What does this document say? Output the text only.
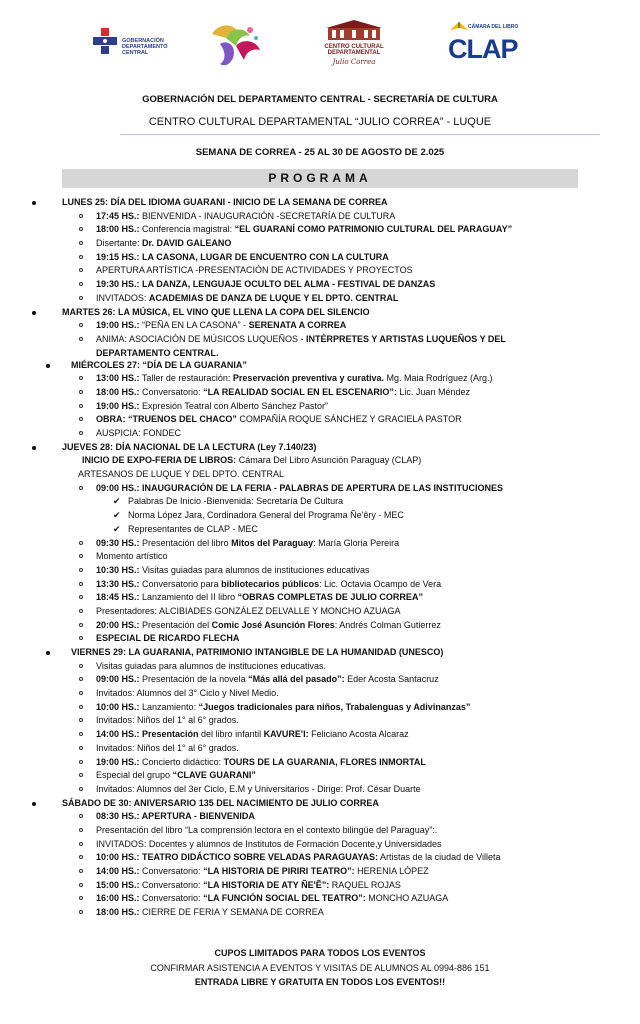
GOBERNACIÓN
DEPARTAMENTO
CENTRAL
CENTRO CULTURAL
DEPARTAMENTAL
Julio Correa
CÁMARA DEL LIBRO
CLAP
GOBERNACIÓN DEL DEPARTAMENTO CENTRAL - SECRETARÍA DE CULTURA
CENTRO CULTURAL DEPARTAMENTAL “JULIO CORREA” - LUQUE
SEMANA DE CORREA - 25 AL 30 DE AGOSTO DE 2.025
PROGRAMA
LUNES 25: DÍA DEL IDIOMA GUARANI - INICIO DE LA SEMANA DE CORREA
17:45 HS.: BIENVENIDA - INAUGURACIÓN -SECRETARÍA DE CULTURA
18:00 HS.: Conferencia magistral: “EL GUARANÍ COMO PATRIMONIO CULTURAL DEL PARAGUAY”
Disertante: Dr. DAVID GALEANO
19:15 HS.: LA CASONA, LUGAR DE ENCUENTRO CON LA CULTURA
APERTURA ARTÍSTICA -PRESENTACIÓN DE ACTIVIDADES Y PROYECTOS
19:30 HS.: LA DANZA, LENGUAJE OCULTO DEL ALMA - FESTIVAL DE DANZAS
INVITADOS: ACADEMIAS DE DANZA DE LUQUE Y EL DPTO. CENTRAL
MARTES 26: LA MÚSICA, EL VINO QUE LLENA LA COPA DEL SILENCIO
19:00 HS.: “PEÑA EN LA CASONA” - SERENATA A CORREA
ANIMA: ASOCIACIÓN DE MÚSICOS LUQUEÑOS - INTÉRPRETES Y ARTISTAS LUQUEÑOS Y DEL
DEPARTAMENTO CENTRAL.
MIÉRCOLES 27: “DÍA DE LA GUARANIA”
13:00 HS.: Taller de restauración: Preservación preventiva y curativa. Mg. Maia Rodríguez (Arg.)
18:00 HS.: Conversatorio: “LA REALIDAD SOCIAL EN EL ESCENARIO”: Lic. Juan Méndez
19:00 HS.: Expresión Teatral con Alberto Sánchez Pastor”
OBRA: “TRUENOS DEL CHACO” COMPAÑÍA ROQUE SÁNCHEZ Y GRACIELA PASTOR
AUSPICIA: FONDEC
JUEVES 28: DÍA NACIONAL DE LA LECTURA (Ley 7.140/23)
INICIO DE EXPO-FERIA DE LIBROS: Cámara Del Libro Asunción Paraguay (CLAP)
ARTESANOS DE LUQUE Y DEL DPTO. CENTRAL
09:00 HS.: INAUGURACIÓN DE LA FERIA - PALABRAS DE APERTURA DE LAS INSTITUCIONES
✔ Palabras De Inicio -Bienvenida: Secretaría De Cultura
✔ Norma López Jara, Cordinadora General del Programa Ñe'êry - MEC
✔ Representantes de CLAP - MEC
09:30 HS.: Presentación del libro Mitos del Paraguay: María Gloria Pereira
Momento artístico
10:30 HS.: Visitas guiadas para alumnos de instituciones educativas
13:30 HS.: Conversatorio para bibliotecarios públicos: Lic. Octavia Ocampo de Vera
18:45 HS.: Lanzamiento del II libro “OBRAS COMPLETAS DE JULIO CORREA”
Presentadores: ALCIBIADES GONZÁLEZ DELVALLE Y MONCHO AZUAGA
20:00 HS.: Presentación del Comic José Asunción Flores: Andrés Colman Gutierrez
ESPECIAL DE RICARDO FLECHA
VIERNES 29: LA GUARANIA, PATRIMONIO INTANGIBLE DE LA HUMANIDAD (UNESCO)
Visitas guiadas para alumnos de instituciones educativas.
09:00 HS.: Presentación de la novela “Más allá del pasado”: Eder Acosta Santacruz
Invitados: Alumnos del 3° Ciclo y Nivel Medio.
10:00 HS.: Lanzamiento: “Juegos tradicionales para niños, Trabalenguas y Adivinanzas”
Invitados: Niños del 1° al 6° grados.
14:00 HS.: Presentación del libro infantil KAVURE'I: Feliciano Acosta Alcaraz
Invitados: Niños del 1° al 6° grados.
19:00 HS.: Concierto didáctico: TOURS DE LA GUARANIA, FLORES INMORTAL
Especial del grupo “CLAVE GUARANI”
Invitados: Alumnos del 3er Ciclo, E.M y Universitarios - Dirige: Prof. César Duarte
SÁBADO DE 30: ANIVERSARIO 135 DEL NACIMIENTO DE JULIO CORREA
08:30 HS.: APERTURA - BIENVENIDA
Presentación del libro “La comprensión lectora en el contexto bilingüe del Paraguay”:.
INVITADOS: Docentes y alumnos de Institutos de Formación Docente,y Universidades
10:00 HS.: TEATRO DIDÁCTICO SOBRE VELADAS PARAGUAYAS: Artistas de la ciudad de Villeta
14:00 HS.: Conversatorio: “LA HISTORIA DE PIRIRI TEATRO”: HERENIA LÓPEZ
15:00 HS.: Conversatorio: “LA HISTORIA DE ATY ÑE'Ẽ”: RAQUEL ROJAS
16:00 HS.: Conversatorio: “LA FUNCIÓN SOCIAL DEL TEATRO”: MONCHO AZUAGA
18:00 HS.: CIERRE DE FERIA Y SEMANA DE CORREA
CUPOS LIMITADOS PARA TODOS LOS EVENTOS
CONFIRMAR ASISTENCIA A EVENTOS Y VISITAS DE ALUMNOS AL 0994-886 151
ENTRADA LIBRE Y GRATUITA EN TODOS LOS EVENTOS!!
